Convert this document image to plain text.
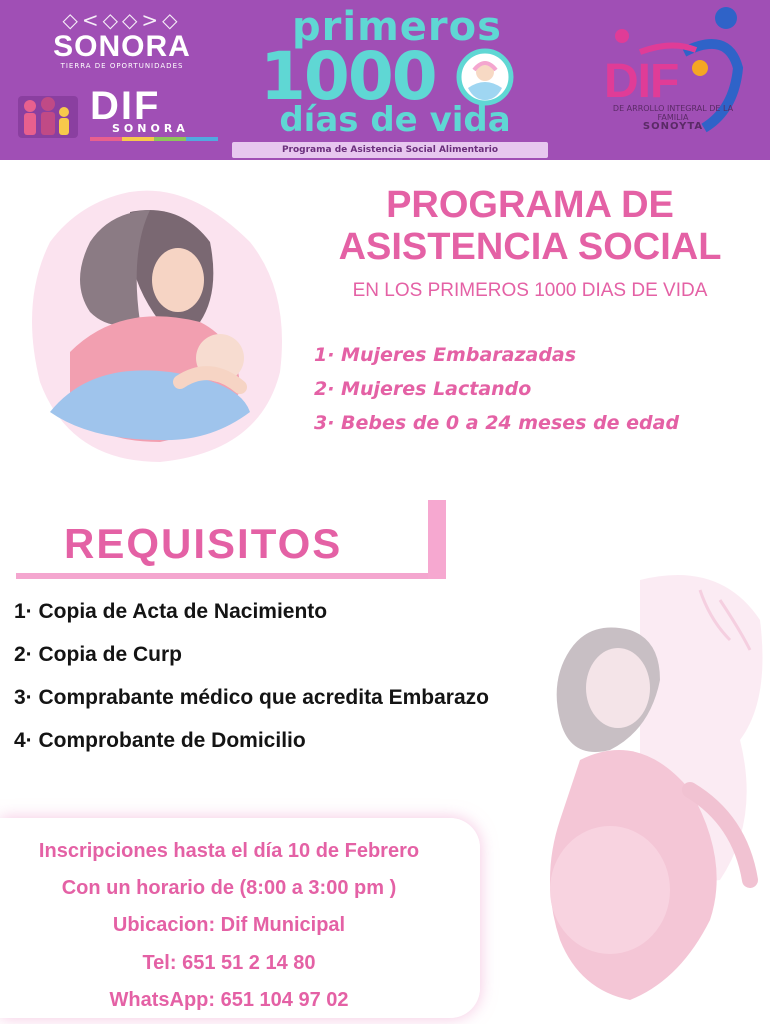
◇<◇◇>◇
SONORA
TIERRA DE OPORTUNIDADES
DIF
SONORA
primeros
1000
días de vida
Programa de Asistencia Social Alimentario
DIF
DE ARROLLO INTEGRAL DE LA FAMILIA
SONOYTA
PROGRAMA DE
ASISTENCIA SOCIAL
EN LOS PRIMEROS 1000 DIAS DE VIDA
1· Mujeres Embarazadas
2· Mujeres Lactando
3· Bebes de 0 a 24 meses de edad
REQUISITOS
1· Copia de Acta de Nacimiento
2· Copia de Curp
3· Comprabante médico que acredita Embarazo
4· Comprobante de Domicilio
Inscripciones hasta el día 10 de Febrero
Con un horario de (8:00 a 3:00 pm )
Ubicacion: Dif Municipal
Tel: 651 51 2 14 80
WhatsApp: 651 104 97 02
